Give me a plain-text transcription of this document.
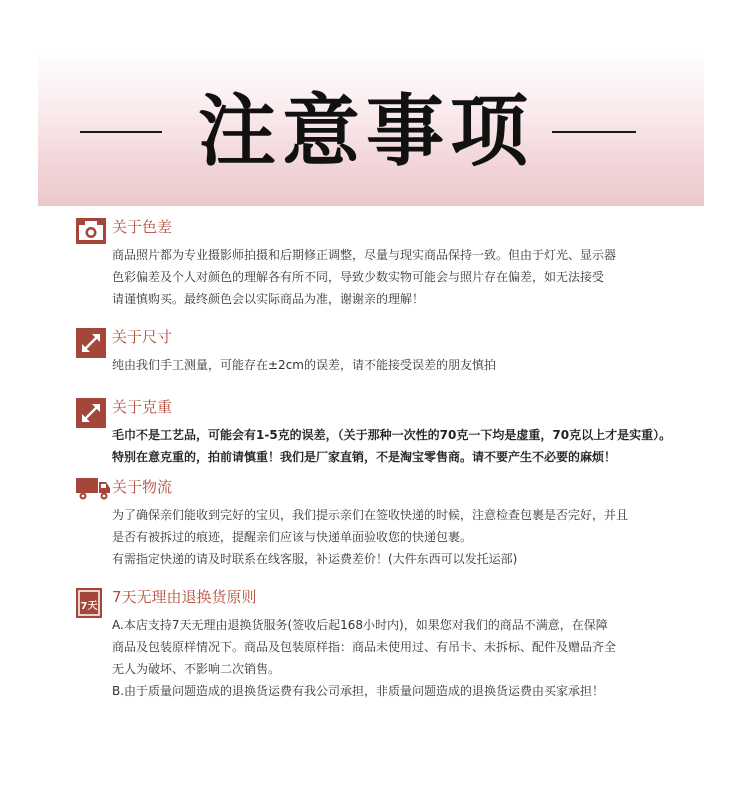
注意事项
关于色差

商品照片都为专业摄影师拍摄和后期修正调整，尽量与现实商品保持一致。但由于灯光、显示器

色彩偏差及个人对颜色的理解各有所不同，导致少数实物可能会与照片存在偏差，如无法接受

请谨慎购买。最终颜色会以实际商品为准，谢谢亲的理解！

关于尺寸

纯由我们手工测量，可能存在±2cm的误差，请不能接受误差的朋友慎拍

关于克重

毛巾不是工艺品，可能会有1-5克的误差，（关于那种一次性的70克一下均是虚重，70克以上才是实重）。

特别在意克重的，拍前请慎重！我们是厂家直销，不是淘宝零售商。请不要产生不必要的麻烦！

关于物流

为了确保亲们能收到完好的宝贝，我们提示亲们在签收快递的时候，注意检查包裹是否完好，并且

是否有被拆过的痕迹，提醒亲们应该与快递单面验收您的快递包裹。

有需指定快递的请及时联系在线客服，补运费差价！(大件东西可以发托运部)

7天
7天无理由退换货原则

A.本店支持7天无理由退换货服务(签收后起168小时内)，如果您对我们的商品不满意，在保障

商品及包装原样情况下。商品及包装原样指：商品未使用过、有吊卡、未拆标、配件及赠品齐全

无人为破坏、不影响二次销售。

B.由于质量问题造成的退换货运费有我公司承担，非质量问题造成的退换货运费由买家承担！
